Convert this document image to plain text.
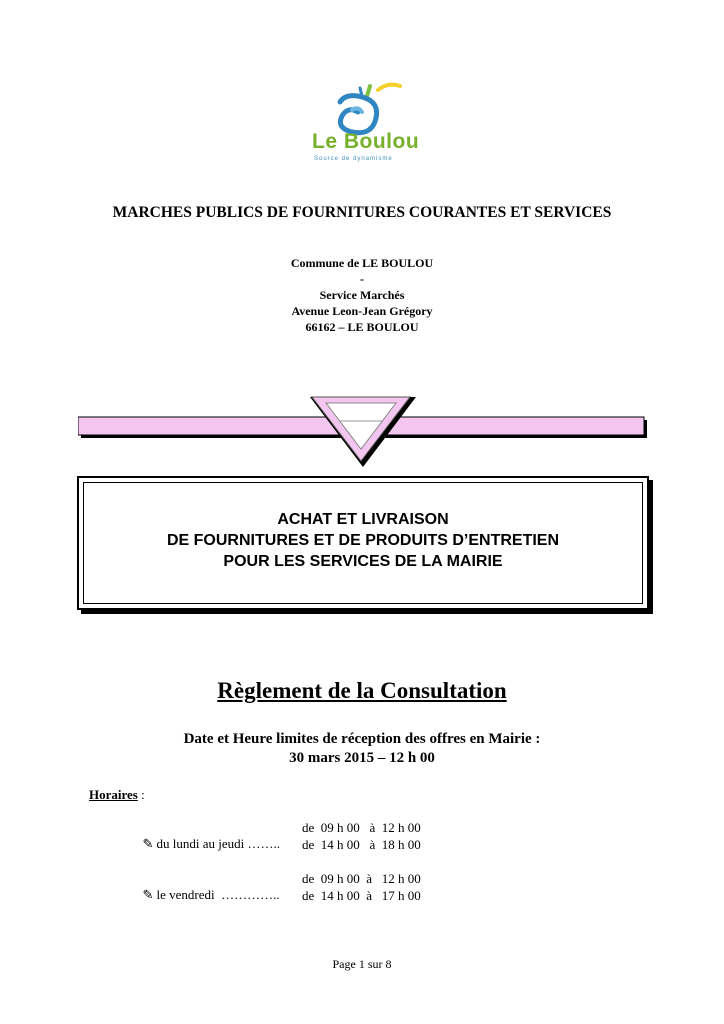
Le Boulou
Source de dynamisme
MARCHES PUBLICS DE FOURNITURES COURANTES ET SERVICES
Commune de LE BOULOU
-
Service Marchés
Avenue Leon-Jean Grégory
66162 – LE BOULOU
ACHAT ET LIVRAISON
DE FOURNITURES ET DE PRODUITS D’ENTRETIEN
POUR LES SERVICES DE LA MAIRIE
Règlement de la Consultation
Date et Heure limites de réception des offres en Mairie :
30 mars 2015 – 12 h 00
Horaires :

✎ du lundi au jeudi ……..

de  09 h 00   à  12 h 00
de  14 h 00   à  18 h 00

✎ le vendredi  …………..

de  09 h 00  à   12 h 00
de  14 h 00  à   17 h 00
Page 1 sur 8
